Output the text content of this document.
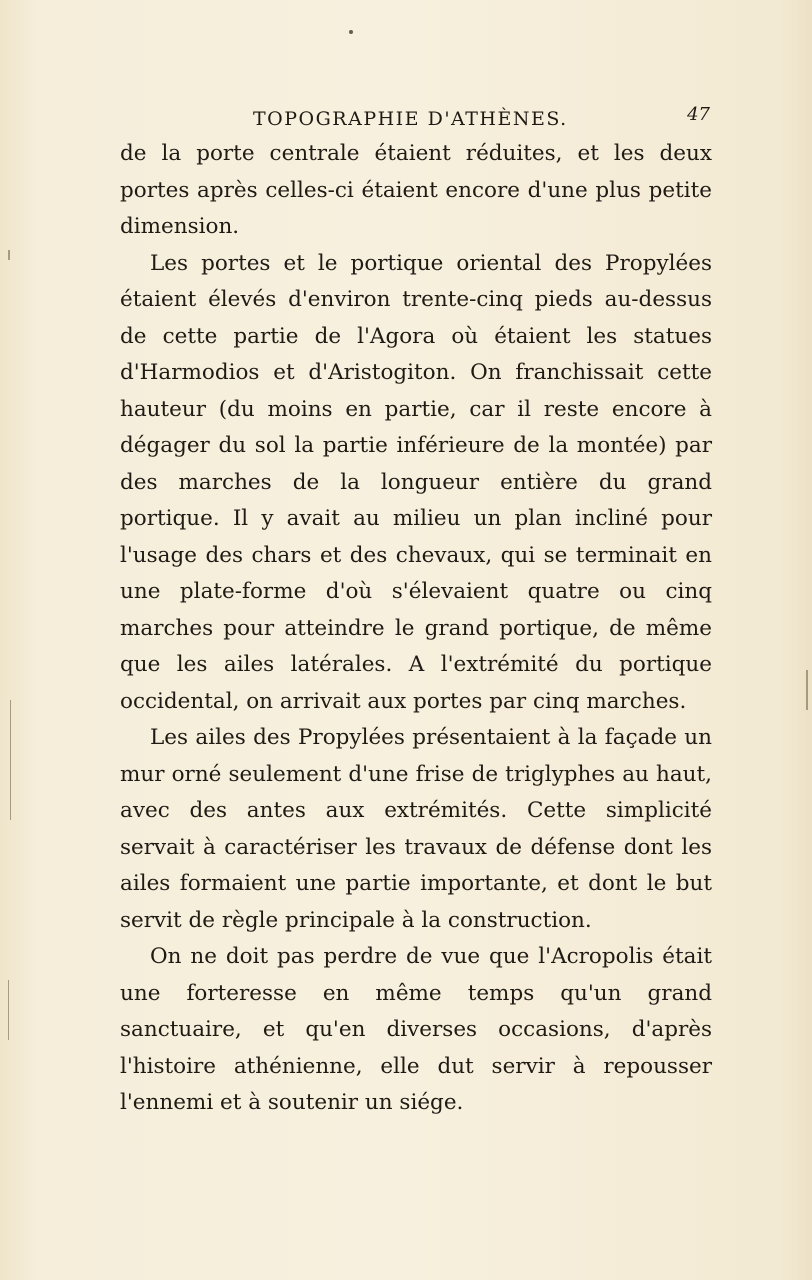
TOPOGRAPHIE D'ATHÈNES.	47

de la porte centrale étaient réduites, et les deux portes après celles-ci étaient encore d'une plus petite dimension.

Les portes et le portique oriental des Propylées étaient élevés d'environ trente-cinq pieds au-dessus de cette partie de l'Agora où étaient les statues d'Harmodios et d'Aristogiton. On franchissait cette hauteur (du moins en partie, car il reste encore à dégager du sol la partie inférieure de la montée) par des marches de la longueur entière du grand portique. Il y avait au milieu un plan incliné pour l'usage des chars et des chevaux, qui se terminait en une plate-forme d'où s'élevaient quatre ou cinq marches pour atteindre le grand portique, de même que les ailes latérales. A l'extrémité du portique occidental, on arrivait aux portes par cinq marches.

Les ailes des Propylées présentaient à la façade un mur orné seulement d'une frise de triglyphes au haut, avec des antes aux extrémités. Cette simplicité servait à caractériser les travaux de défense dont les ailes formaient une partie importante, et dont le but servit de règle principale à la construction.

On ne doit pas perdre de vue que l'Acropolis était une forteresse en même temps qu'un grand sanctuaire, et qu'en diverses occasions, d'après l'histoire athénienne, elle dut servir à repousser l'ennemi et à soutenir un siége.
